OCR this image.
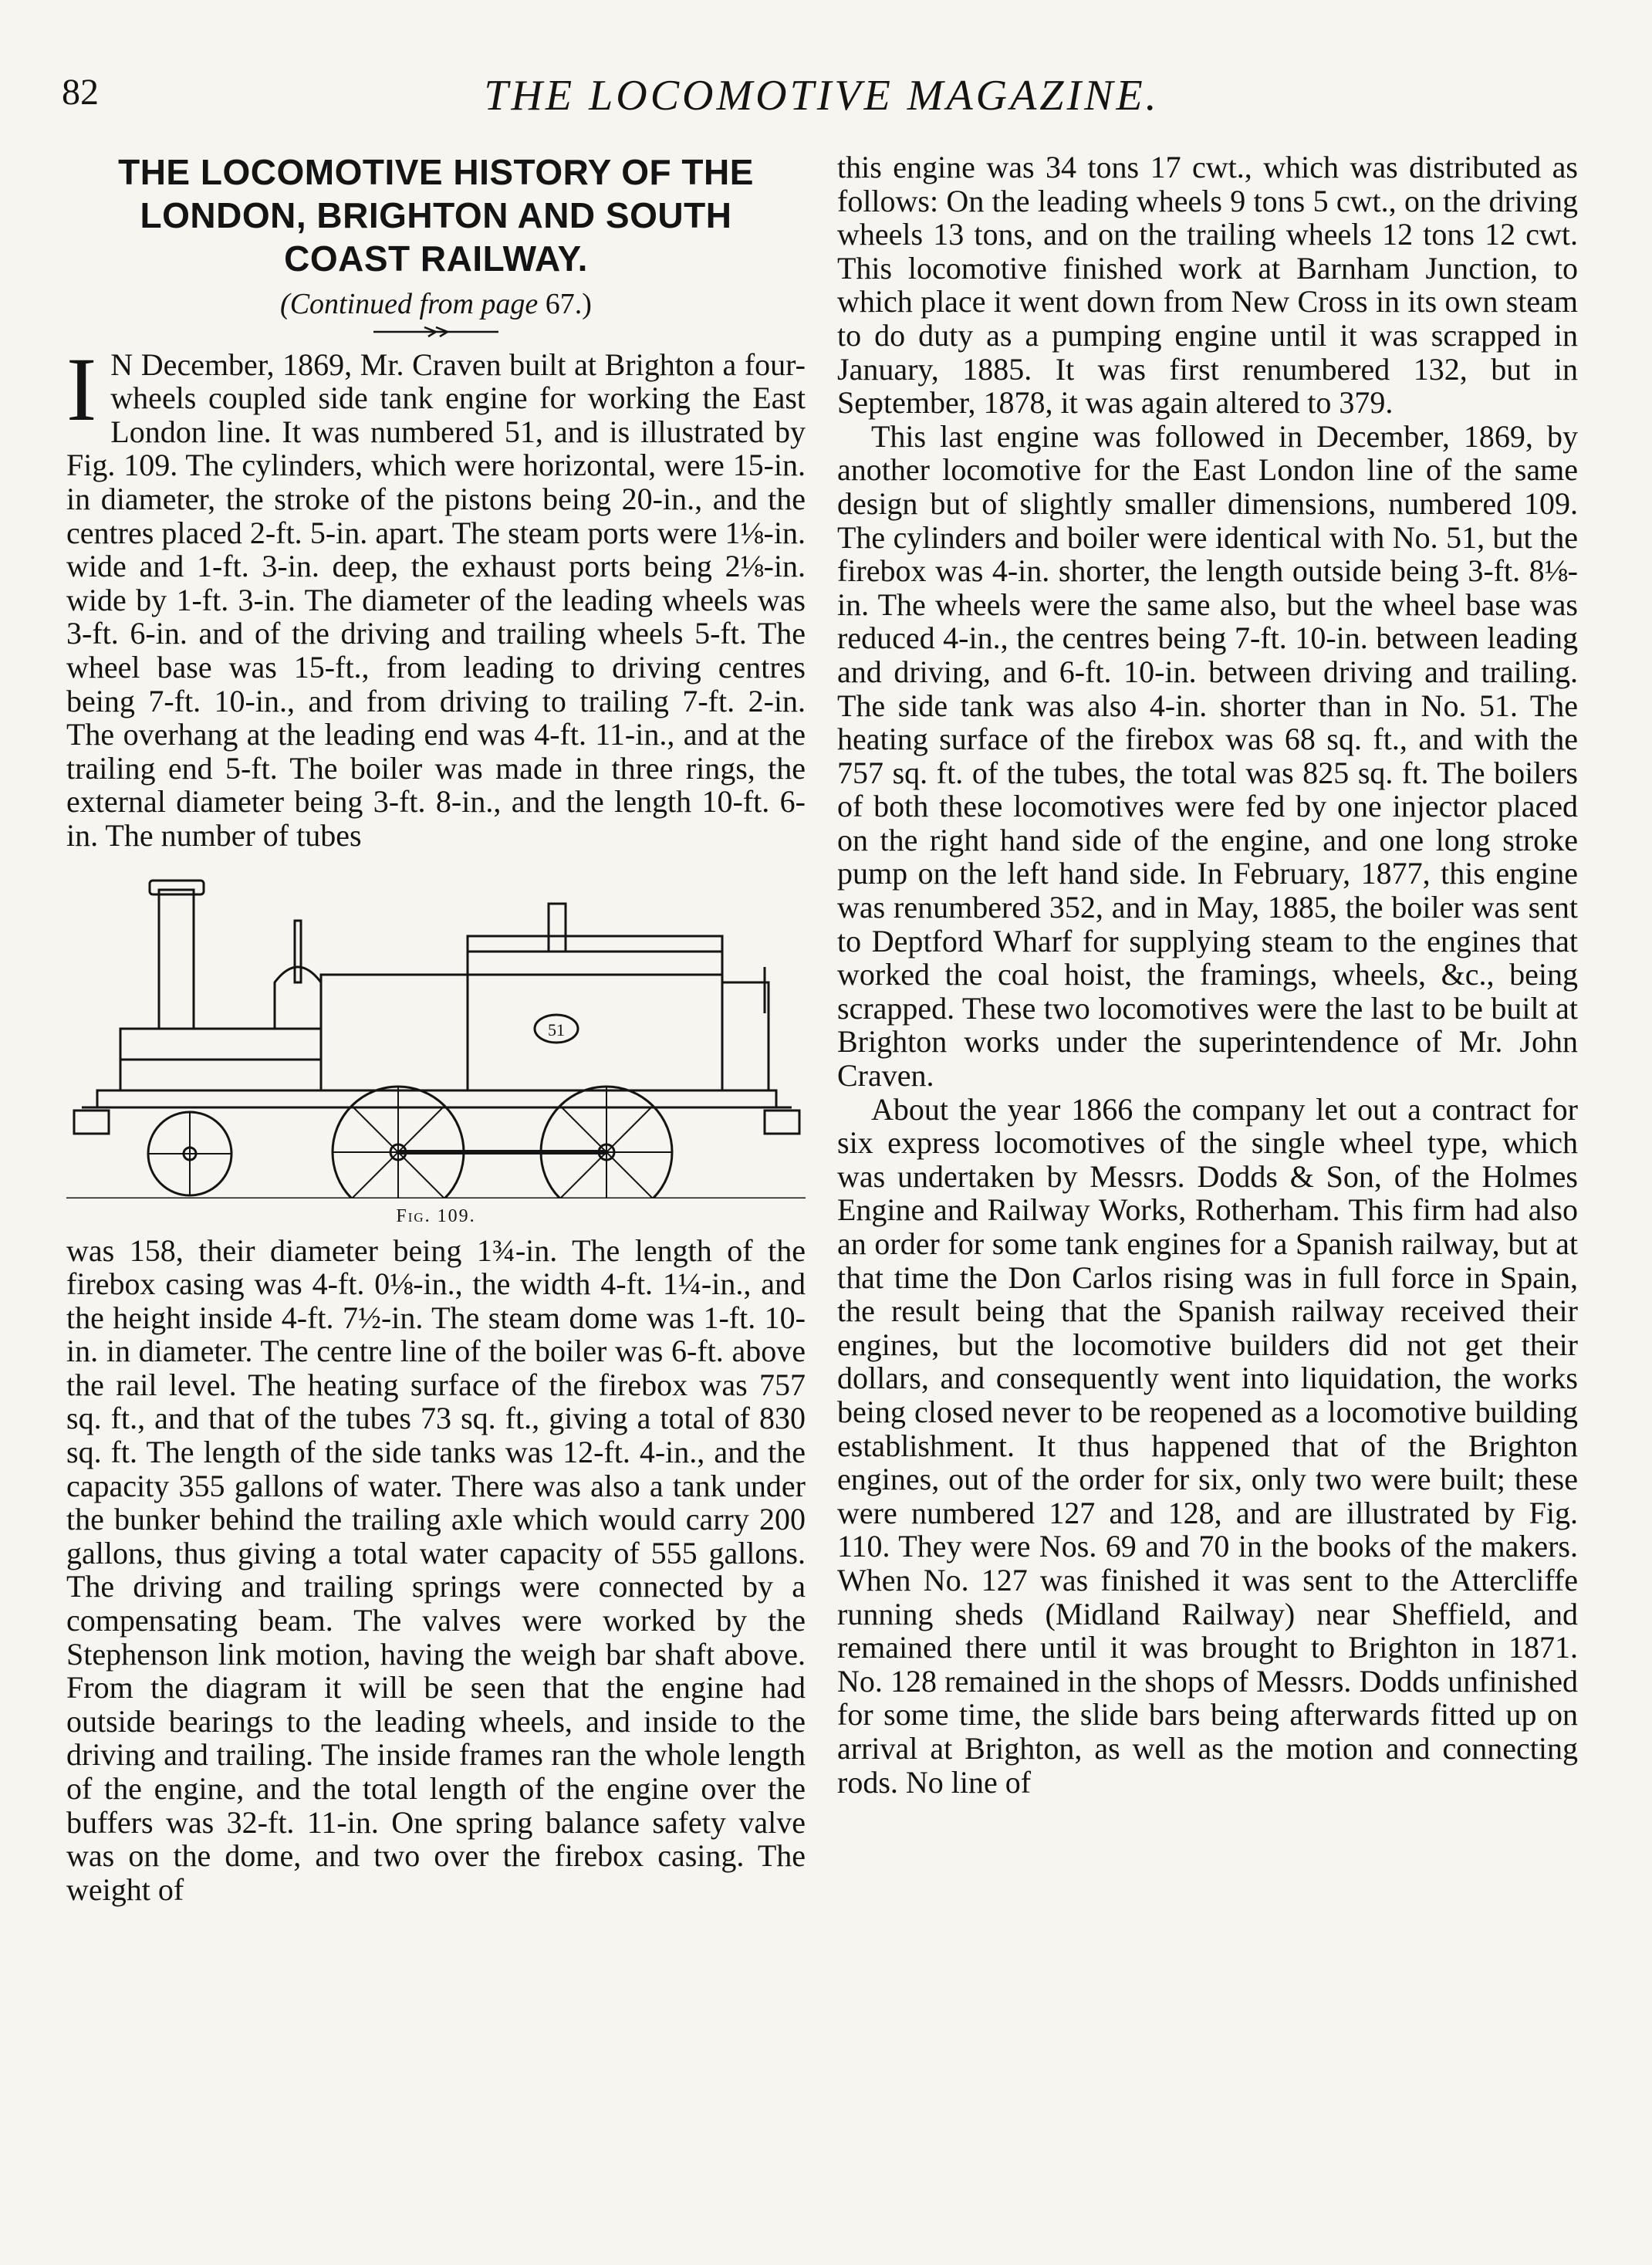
82	THE LOCOMOTIVE MAGAZINE.
THE LOCOMOTIVE HISTORY OF THE LONDON, BRIGHTON AND SOUTH COAST RAILWAY.
(Continued from page 67.)

I N December, 1869, Mr. Craven built at Brighton a four-wheels coupled side tank engine for working the East London line. It was numbered 51, and is illustrated by Fig. 109. The cylinders, which were horizontal, were 15-in. in diameter, the stroke of the pistons being 20-in., and the centres placed 2-ft. 5-in. apart. The steam ports were 1⅛-in. wide and 1-ft. 3-in. deep, the exhaust ports being 2⅛-in. wide by 1-ft. 3-in. The diameter of the leading wheels was 3-ft. 6-in. and of the driving and trailing wheels 5-ft. The wheel base was 15-ft., from leading to driving centres being 7-ft. 10-in., and from driving to trailing 7-ft. 2-in. The overhang at the leading end was 4-ft. 11-in., and at the trailing end 5-ft. The boiler was made in three rings, the external diameter being 3-ft. 8-in., and the length 10-ft. 6-in. The number of tubes

51
Fig. 109.

was 158, their diameter being 1¾-in. The length of the firebox casing was 4-ft. 0⅛-in., the width 4-ft. 1¼-in., and the height inside 4-ft. 7½-in. The steam dome was 1-ft. 10-in. in diameter. The centre line of the boiler was 6-ft. above the rail level. The heating surface of the firebox was 757 sq. ft., and that of the tubes 73 sq. ft., giving a total of 830 sq. ft. The length of the side tanks was 12-ft. 4-in., and the capacity 355 gallons of water. There was also a tank under the bunker behind the trailing axle which would carry 200 gallons, thus giving a total water capacity of 555 gallons. The driving and trailing springs were connected by a compensating beam. The valves were worked by the Stephenson link motion, having the weigh bar shaft above. From the diagram it will be seen that the engine had outside bearings to the leading wheels, and inside to the driving and trailing. The inside frames ran the whole length of the engine, and the total length of the engine over the buffers was 32-ft. 11-in. One spring balance safety valve was on the dome, and two over the firebox casing. The weight of

this engine was 34 tons 17 cwt., which was distributed as follows: On the leading wheels 9 tons 5 cwt., on the driving wheels 13 tons, and on the trailing wheels 12 tons 12 cwt. This locomotive finished work at Barnham Junction, to which place it went down from New Cross in its own steam to do duty as a pumping engine until it was scrapped in January, 1885. It was first renumbered 132, but in September, 1878, it was again altered to 379.

This last engine was followed in December, 1869, by another locomotive for the East London line of the same design but of slightly smaller dimensions, numbered 109. The cylinders and boiler were identical with No. 51, but the firebox was 4-in. shorter, the length outside being 3-ft. 8⅛-in. The wheels were the same also, but the wheel base was reduced 4-in., the centres being 7-ft. 10-in. between leading and driving, and 6-ft. 10-in. between driving and trailing. The side tank was also 4-in. shorter than in No. 51. The heating surface of the firebox was 68 sq. ft., and with the 757 sq. ft. of the tubes, the total was 825 sq. ft. The boilers of both these locomotives were fed by one injector placed on the right hand side of the engine, and one long stroke pump on the left hand side. In February, 1877, this engine was renumbered 352, and in May, 1885, the boiler was sent to Deptford Wharf for supplying steam to the engines that worked the coal hoist, the framings, wheels, &c., being scrapped. These two locomotives were the last to be built at Brighton works under the superintendence of Mr. John Craven.

About the year 1866 the company let out a contract for six express locomotives of the single wheel type, which was undertaken by Messrs. Dodds & Son, of the Holmes Engine and Railway Works, Rotherham. This firm had also an order for some tank engines for a Spanish railway, but at that time the Don Carlos rising was in full force in Spain, the result being that the Spanish railway received their engines, but the locomotive builders did not get their dollars, and consequently went into liquidation, the works being closed never to be reopened as a locomotive building establishment. It thus happened that of the Brighton engines, out of the order for six, only two were built; these were numbered 127 and 128, and are illustrated by Fig. 110. They were Nos. 69 and 70 in the books of the makers. When No. 127 was finished it was sent to the Attercliffe running sheds (Midland Railway) near Sheffield, and remained there until it was brought to Brighton in 1871. No. 128 remained in the shops of Messrs. Dodds unfinished for some time, the slide bars being afterwards fitted up on arrival at Brighton, as well as the motion and connecting rods. No line of
